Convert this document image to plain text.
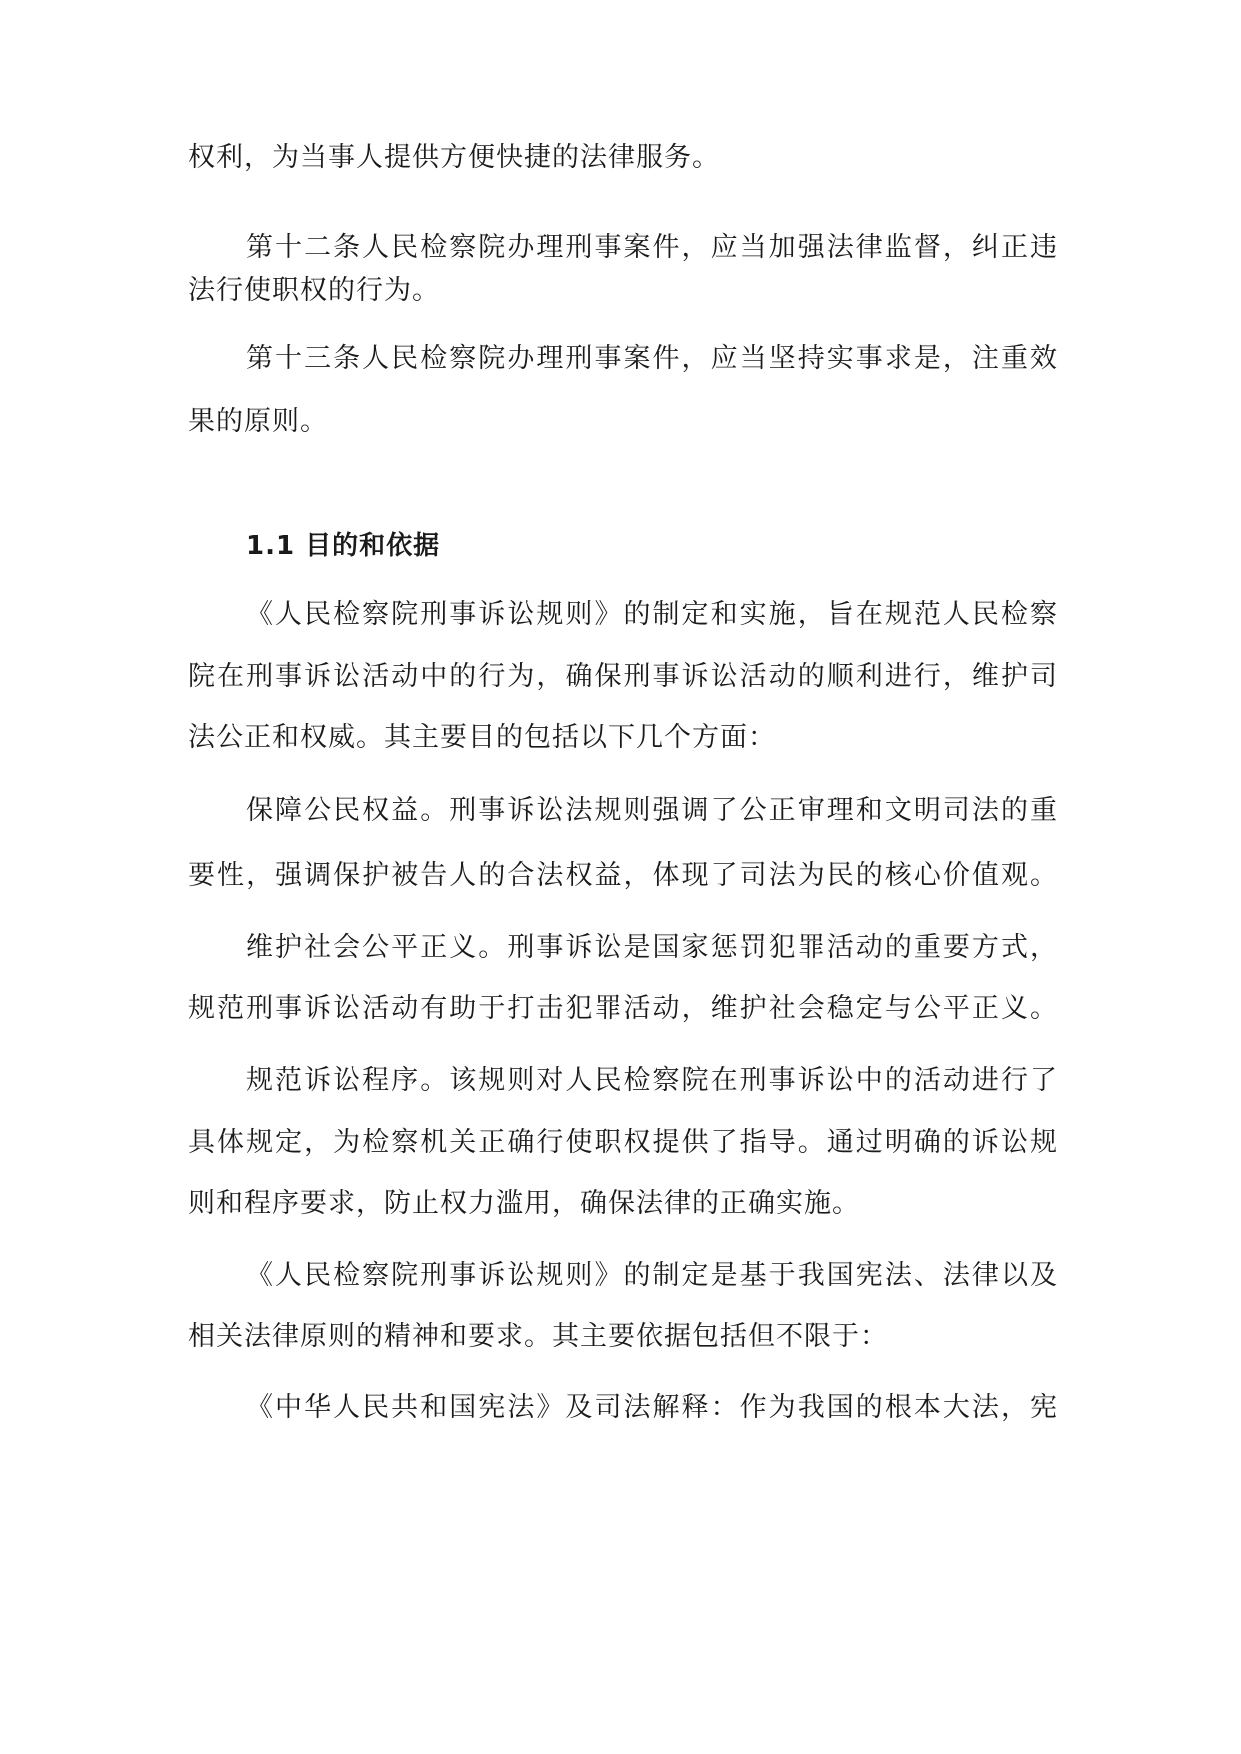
权利，为当事人提供方便快捷的法律服务。
第十二条人民检察院办理刑事案件，应当加强法律监督，纠正违
法行使职权的行为。
第十三条人民检察院办理刑事案件，应当坚持实事求是，注重效
果的原则。
1.1 目的和依据
《人民检察院刑事诉讼规则》的制定和实施，旨在规范人民检察
院在刑事诉讼活动中的行为，确保刑事诉讼活动的顺利进行，维护司
法公正和权威。其主要目的包括以下几个方面：
保障公民权益。刑事诉讼法规则强调了公正审理和文明司法的重
要性，强调保护被告人的合法权益，体现了司法为民的核心价值观。
维护社会公平正义。刑事诉讼是国家惩罚犯罪活动的重要方式，
规范刑事诉讼活动有助于打击犯罪活动，维护社会稳定与公平正义。
规范诉讼程序。该规则对人民检察院在刑事诉讼中的活动进行了
具体规定，为检察机关正确行使职权提供了指导。通过明确的诉讼规
则和程序要求，防止权力滥用，确保法律的正确实施。
《人民检察院刑事诉讼规则》的制定是基于我国宪法、法律以及
相关法律原则的精神和要求。其主要依据包括但不限于：
《中华人民共和国宪法》及司法解释：作为我国的根本大法，宪
